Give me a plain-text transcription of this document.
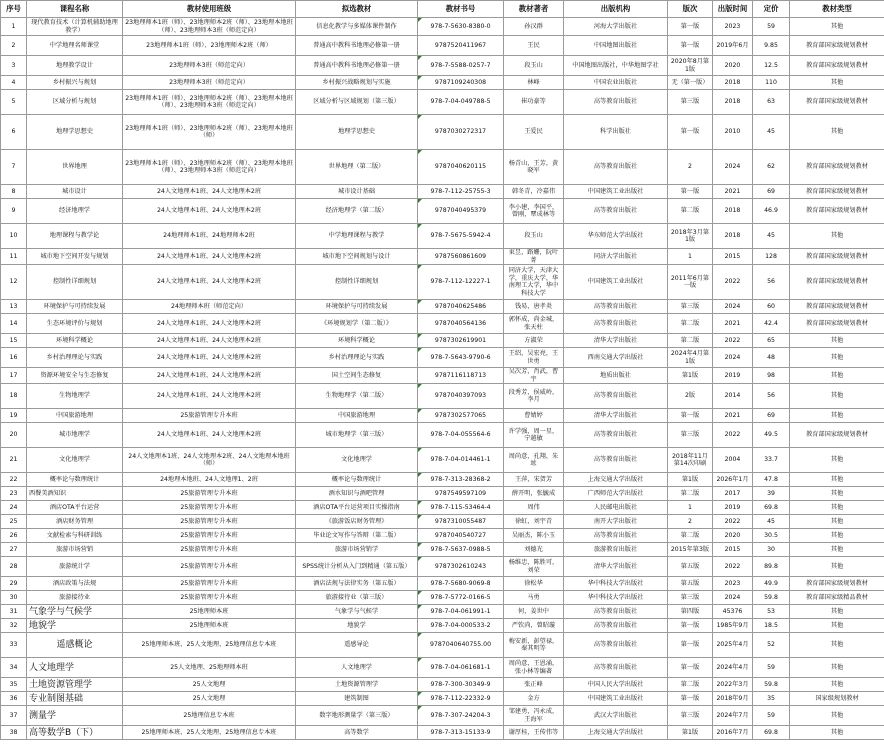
序号	课程名称	教材使用班级	拟选教材	教材书号	教材著者	出版机构	版次	出版时间	定价	教材类型
1	现代教育技术（计算机辅助地理教学）	23地理师本1班（师）、23地理师本2班（师）、23地理本地班（师）、23地理师本3班（师范定向）	信息化教学与多媒体课件制作	978-7-5630-8380-0	孙汉群	河海大学出版社	第一版	2023	59	其他
2	中学地理名师课堂	23地理师本1班（师）、23地理师本2班（师）	普通高中教科书地理必修第一册	9787520411967	王民	中国地图出版社	第一版	2019年6月	9.85	教育部国家级规划教材
3	地理教学设计	23地理师本3班（师范定向）	普通高中教科书地理必修第一册	978-7-5588-0257-7	段玉山	中国地图出版社，中华地图学社	2020年8月第1版	2020	12.5	教育部国家级规划教材
4	乡村振兴与规划	23地理师本3班（师范定向）	乡村振兴战略规划与实施	9787109240308	林峰	中国农业出版社	无（第一版）	2018	110	其他
5	区域分析与规划	23地理师本1班（师）、23地理师本2班（师）、23地理本地班（师）、23地理师本3班（师范定向）	区域分析与区域规划（第三版）	978-7-04-049788-5	崔功豪等	高等教育出版社	第三版	2018	63	教育部国家级规划教材
6	地理学思想史	23地理师本1班（师）、23地理师本2班（师）、23地理本地班（师）	地理学思想史	9787030272317	王爱民	科学出版社	第一版	2010	45	其他
7	世界地理	23地理师本1班（师）、23地理师本2班（师）、23地理本地班（师）、23地理师本3班（师范定向）	世界地理（第二版）	9787040620115	杨青山，王芳，黄晓军	高等教育出版社	2	2024	62	教育部国家级规划教材
8	城市设计	24人文地理本1班、24人文地理本2班	城市设计基础	978-7-112-25755-3	韩冬青，冷嘉伟	中国建筑工业出版社	第一版	2021	69	教育部国家级规划教材
9	经济地理学	24人文地理本1班、24人文地理本2班	经济地理学（第二版）	9787040495379	李小建，李国平，曾刚，覃成林等	高等教育出版社	第二版	2018	46.9	教育部国家级规划教材
10	地理课程与教学论	24地理师本1班、24地理师本2班	中学地理课程与教学	978-7-5675-5942-4	段玉山	华东师范大学出版社	2018年3月第1版	2018	45	其他
11	城市地下空间开发与规划	24人文地理本1班、24人文地理本2班	城市地下空间规划与设计	9787560861609	束昱，路姗，阮叶菁	同济大学出版社	1	2015	128	教育部国家级规划教材
12	控制性详细规划	24人文地理本1班、24人文地理本2班	控制性详细规划	978-7-112-12227-1	同济大学，天津大学，重庆大学，华南理工大学，华中科技大学	中国建筑工业出版社	2011年6月第一版	2022	56	教育部国家级规划教材
13	环境保护与可持续发展	24地理师本班（师范定向）	环境保护与可持续发展	9787040625486	钱易，唐孝炎	高等教育出版社	第三版	2024	60	教育部国家级规划教材
14	生态环境评价与规划	24人文地理本1班、24人文地理本2班	《环境规划学（第二版）》	9787040564136	郭怀成，尚金城，张天柱	高等教育出版社	第二版	2021	42.4	教育部国家级规划教材
15	环境科学概论	24人文地理本1班、24人文地理本2班	环境科学概论	9787302619901	方淑荣	清华大学出版社	第二版	2022	65	其他
16	乡村治理理论与实践	24人文地理本1班、24人文地理本2班	乡村治理理论与实践	978-7-5643-9790-6	王绍，吴宏亮，王世勇	西南交通大学出版社	2024年4月第1版	2024	48	其他
17	资源环境安全与生态修复	24人文地理本1班、24人文地理本2班	国土空间生态修复	9787116118713	吴次芳，肖武，曹宇	地质出版社	第1版	2019	98	其他
18	生物地理学	24人文地理本1班、24人文地理本2班	生物地理学（第二版）	9787040397093	段秀芳，侯威岭，李月	高等教育出版社	2版	2014	56	其他
19	中国旅游地理	25旅游管理专升本班	中国旅游地理	9787302577065	曹婧婷	清华大学出版社	第一版	2021	69	其他
20	城市地理学	24人文地理本1班、24人文地理本2班	城市地理学（第三版）	978-7-04-055564-6	许学强，周一星，宁越敏	高等教育出版社	第三版	2022	49.5	教育部国家级规划教材
21	文化地理学	24人文地理本1班、24人文地理本2班、24人文地理本地班（师）	文化地理学	978-7-04-014461-1	周尚意，孔翔，朱竑	高等教育出版社	2018年11月第14次印刷	2004	33.7	其他
22	概率论与数理统计	24地理本地班、24人文地理1、2班	概率论与数理统计	978-7-313-28368-2	王萍，宋贺芳	上海交通大学出版社	第1版	2026年1月	47.8	其他
23	西餐美酒知识	25旅游管理专升本班	酒水知识与酒吧管理	9787549597109	薛开明，张毓成	广西师范大学出版社	第二版	2017	39	其他
24	酒店OTA平台运营	25旅游管理专升本班	酒店OTA平台运营项目实操指南	978-7-115-53464-4	周伟	人民邮电出版社	1	2019	69.8	其他
25	酒店财务管理	25旅游管理专升本班	《旅游饭店财务管理》	9787310055487	徐虹，刘宇青	南开大学出版社	2	2022	45	其他
26	文献检索与科研训练	25旅游管理专升本班	毕业论文写作与答辩（第二版）	9787040540727	吴丽杰，陈小玉	高等教育出版社	第二版	2020	30.5	其他
27	旅游市场营销	25旅游管理专升本班	旅游市场营销学	978-7-5637-0988-5	刘德光	旅游教育出版社	2015年第3版	2015	30	其他
28	旅游统计学	25旅游管理专升本班	SPSS统计分析从入门到精通（第五版）	9787302610243	杨维忠，陈胜可，刘荣	清华大学出版社	第五版	2022	89.8	其他
29	酒店政策与法规	25旅游管理专升本班	酒店法规与法律实务（第五版）	978-7-5680-9069-8	徐松华	华中科技大学出版社	第五版	2023	49.9	教育部国家级规划教材
30	旅游接待业	25旅游管理专升本班	旅游接待业（第三版）	978-7-5772-0166-5	马勇	华中科技大学出版社	第三版	2024	59.8	教育部国家级精品教材
31	气象学与气候学	25地理师本班	气象学与气候学	978-7-04-061991-1	何，姜世中	高等教育出版社	第四版	45376	53	其他
32	地貌学	25地理师本班	地貌学	978-7-04-000533-2	严钦尚，曾昭璇	高等教育出版社	第一版	1985年9月	18.5	其他
33	遥感概论	25地理师本班、25人文地理、25地理信息专本班	遥感导论	9787040640755.00	梅安新，彭望禄，秦其明等	高等教育出版社	第一版	2025年4月	52	其他
34	人文地理学	25人文地理、25地理师本班	人文地理学	978-7-04-061681-1	周尚意，王恩涌，张小林等编著	高等教育出版社	第一版	2024年4月	59	其他
35	土地资源管理学	25人文地理	土地资源管理学	978-7-300-30349-9	张正峰	中国人民大学出版社	第二版	2022年3月	59.8	其他
36	专业制图基础	25人文地理	建筑制图	978-7-112-22332-9	金方	中国建筑工业出版社	第一版	2018年9月	35	国家级规划教材
37	测量学	25地理信息专本班	数字地形测量学（第三版）	978-7-307-24204-3	邹建勇，冯永成，王海军	武汉大学出版社	第三版	2024年7月	59	其他
38	高等数学B（下）	25地理师本班、25人文地理、25地理信息专本班	高等数学	978-7-313-15133-9	谢厚桂，王传伟等	上海交通大学出版社	第1版	2016年7月	69.8	其他
